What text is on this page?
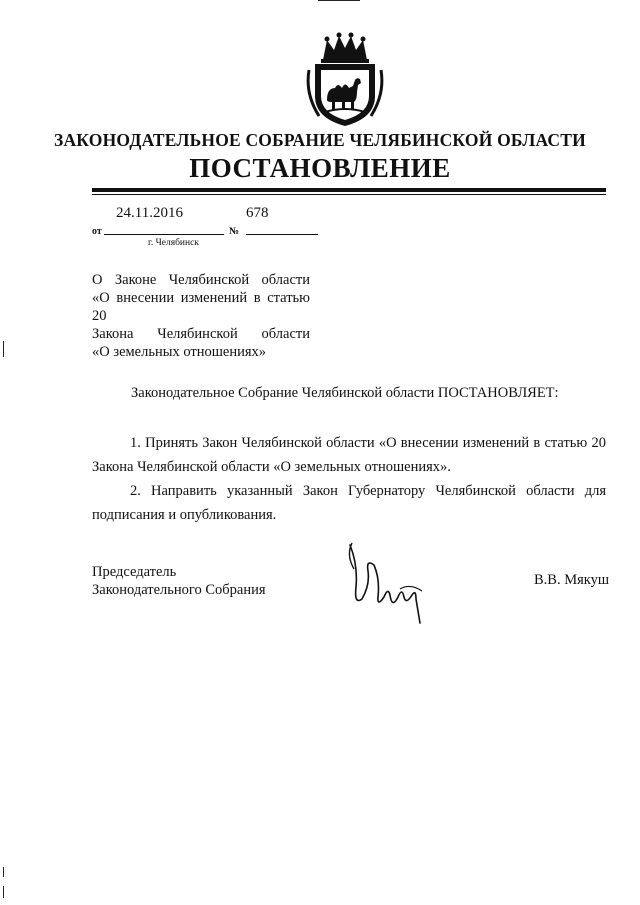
ЗАКОНОДАТЕЛЬНОЕ СОБРАНИЕ ЧЕЛЯБИНСКОЙ ОБЛАСТИ
ПОСТАНОВЛЕНИЕ
24.11.2016	678
от	№
г. Челябинск
О Законе Челябинской области
«О внесении изменений в статью 20
Закона Челябинской области
«О земельных отношениях»
Законодательное Собрание Челябинской области ПОСТАНОВЛЯЕТ:

1. Принять Закон Челябинской области «О внесении изменений в статью 20 Закона Челябинской области «О земельных отношениях».

2. Направить указанный Закон Губернатору Челябинской области для подписания и опубликования.

Председатель
Законодательного Собрания
В.В. Мякуш
